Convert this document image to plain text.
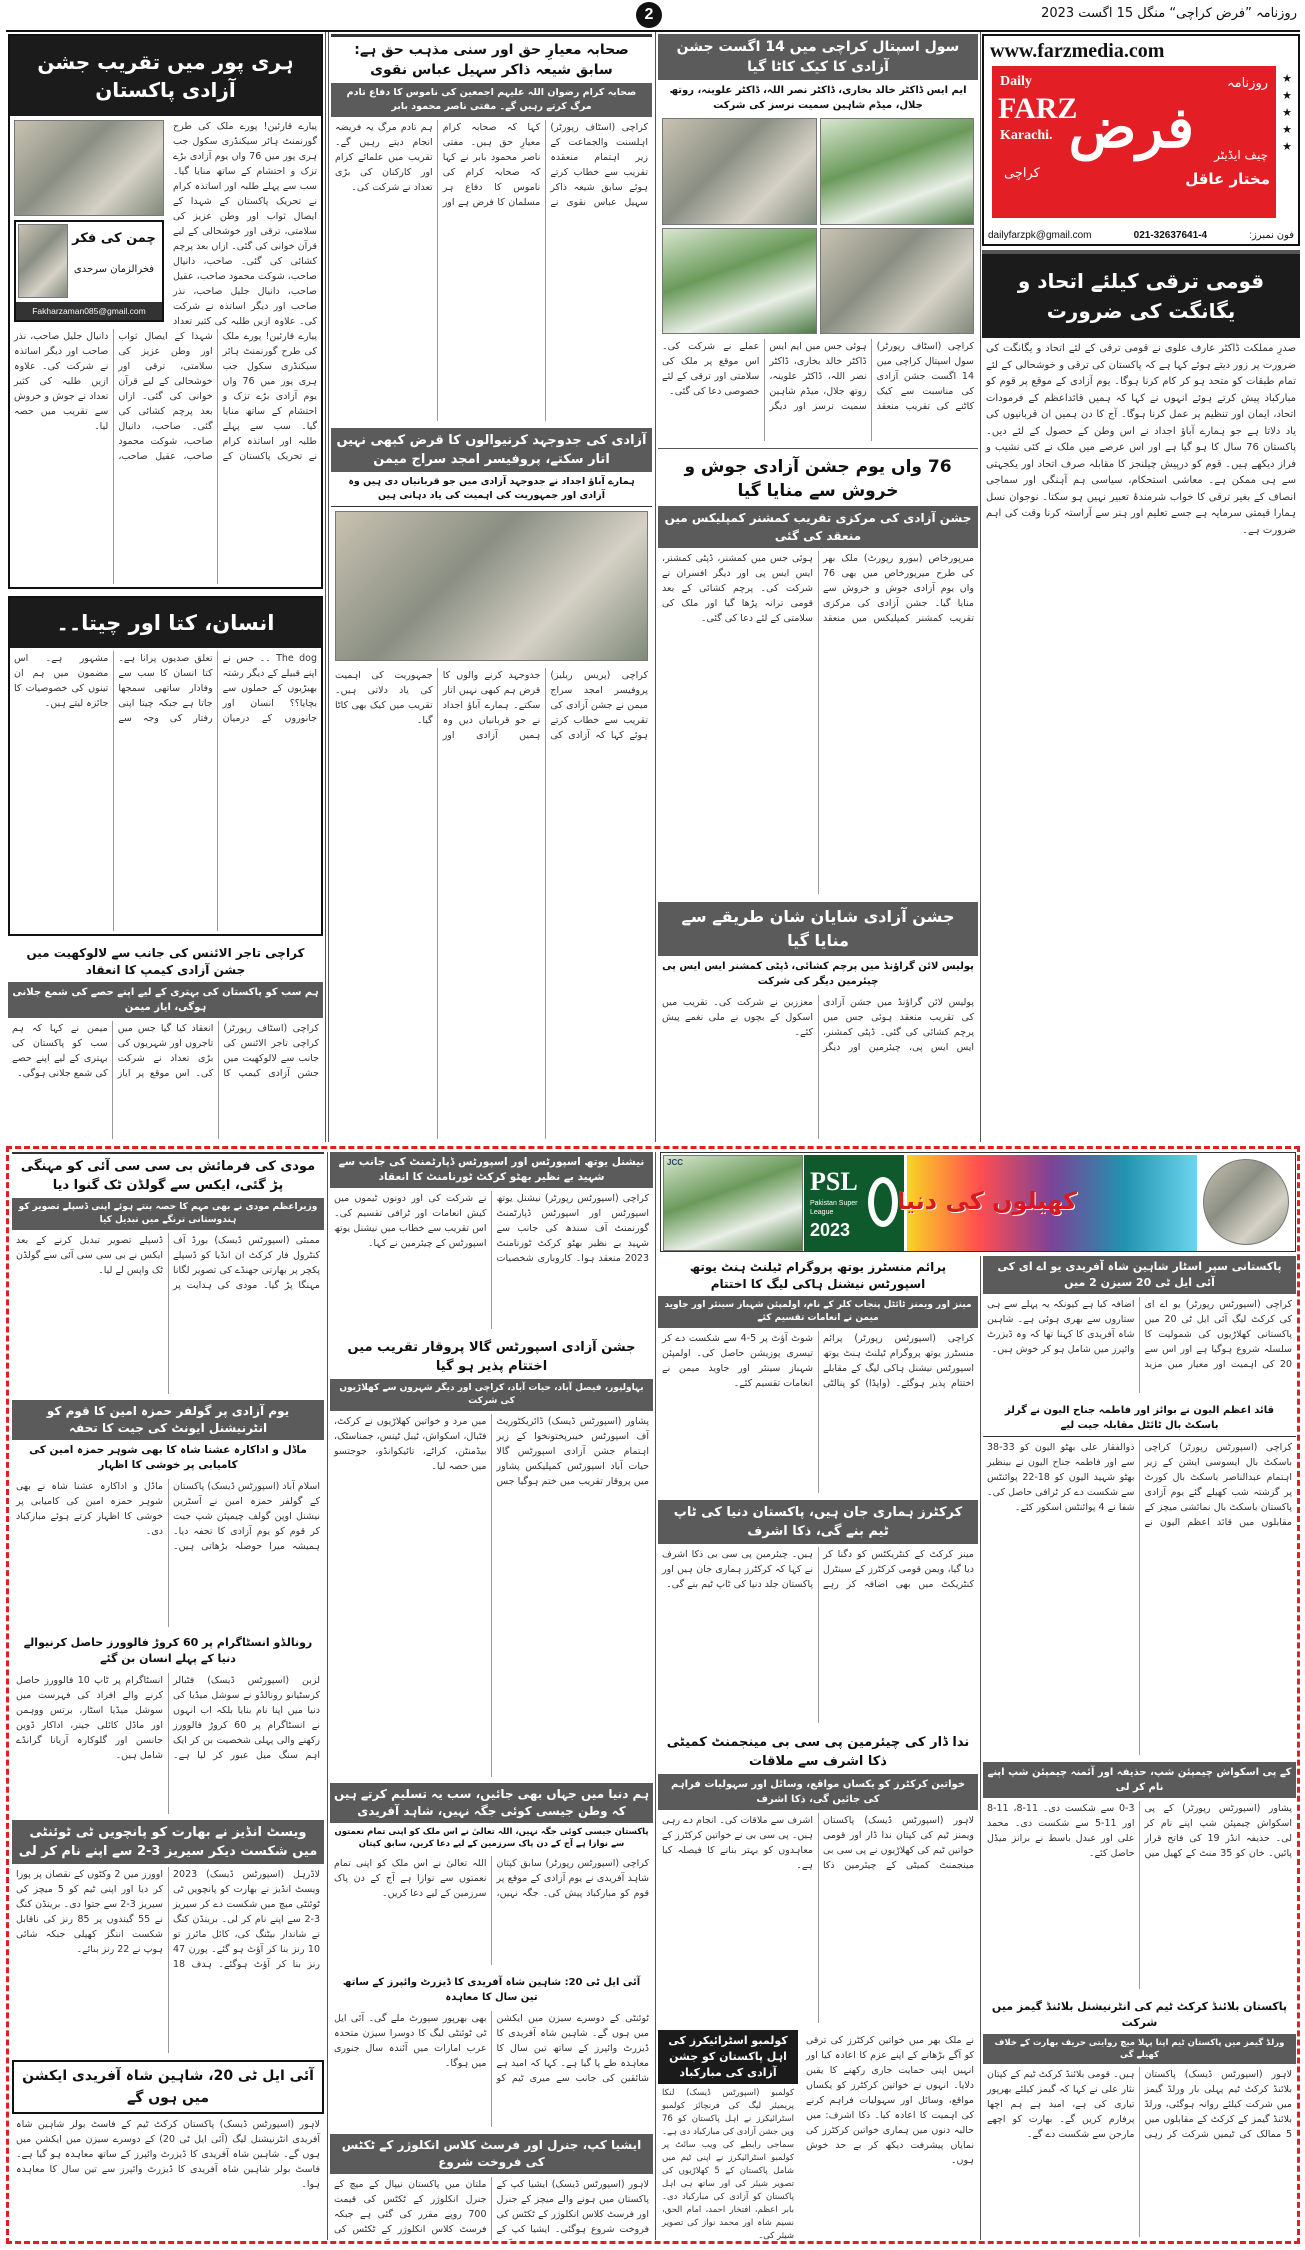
2	روزنامہ ”فرض کراچی“ منگل 15 اگست 2023
www.farzmedia.com
Daily
FARZ
Karachi.
کراچی
فرض
روزنامہ
چیف ایڈیٹر
مختار عاقل
★
★
★
★
★
dailyfarzpk@gmail.com	021-32637641-4	فون نمبرز:
قومی ترقی کیلئے اتحاد و یگانگت کی ضرورت
صدرِ مملکت ڈاکٹر عارف علوی نے قومی ترقی کے لئے اتحاد و یگانگت کی ضرورت پر زور دیتے ہوئے کہا ہے کہ پاکستان کی ترقی و خوشحالی کے لئے تمام طبقات کو متحد ہو کر کام کرنا ہوگا۔ یوم آزادی کے موقع پر قوم کو مبارکباد پیش کرتے ہوئے انہوں نے کہا کہ ہمیں قائداعظم کے فرمودات اتحاد، ایمان اور تنظیم پر عمل کرنا ہوگا۔ آج کا دن ہمیں ان قربانیوں کی یاد دلاتا ہے جو ہمارے آباؤ اجداد نے اس وطن کے حصول کے لئے دیں۔ پاکستان 76 سال کا ہو گیا ہے اور اس عرصے میں ملک نے کئی نشیب و فراز دیکھے ہیں۔ قوم کو درپیش چیلنجز کا مقابلہ صرف اتحاد اور یکجہتی سے ہی ممکن ہے۔ معاشی استحکام، سیاسی ہم آہنگی اور سماجی انصاف کے بغیر ترقی کا خواب شرمندۂ تعبیر نہیں ہو سکتا۔ نوجوان نسل ہمارا قیمتی سرمایہ ہے جسے تعلیم اور ہنر سے آراستہ کرنا وقت کی اہم ضرورت ہے۔
سول اسپتال کراچی میں 14 اگست جشن آزادی کا کیک کاٹا گیا
ایم ایس ڈاکٹر خالد بخاری، ڈاکٹر نصر اللہ، ڈاکٹر علوینہ، روتھ جلال، میڈم شاہین سمیت نرسز کی شرکت
کراچی (اسٹاف رپورٹر) سول اسپتال کراچی میں 14 اگست جشن آزادی کی مناسبت سے کیک کاٹنے کی تقریب منعقد ہوئی جس میں ایم ایس ڈاکٹر خالد بخاری، ڈاکٹر نصر اللہ، ڈاکٹر علوینہ، روتھ جلال، میڈم شاہین سمیت نرسز اور دیگر عملے نے شرکت کی۔ اس موقع پر ملک کی سلامتی اور ترقی کے لئے خصوصی دعا کی گئی۔
76 واں یوم جشن آزادی جوش و خروش سے منایا گیا
جشن آزادی کی مرکزی تقریب کمشنر کمپلیکس میں منعقد کی گئی
میرپورخاص (بیورو رپورٹ) ملک بھر کی طرح میرپورخاص میں بھی 76 واں یوم آزادی جوش و خروش سے منایا گیا۔ جشن آزادی کی مرکزی تقریب کمشنر کمپلیکس میں منعقد ہوئی جس میں کمشنر، ڈپٹی کمشنر، ایس ایس پی اور دیگر افسران نے شرکت کی۔ پرچم کشائی کے بعد قومی ترانہ پڑھا گیا اور ملک کی سلامتی کے لئے دعا کی گئی۔
جشن آزادی شایان شان طریقے سے منایا گیا
پولیس لائن گراؤنڈ میں پرچم کشائی، ڈپٹی کمشنر ایس ایس پی چیئرمین دیگر کی شرکت
پولیس لائن گراؤنڈ میں جشن آزادی کی تقریب منعقد ہوئی جس میں پرچم کشائی کی گئی۔ ڈپٹی کمشنر، ایس ایس پی، چیئرمین اور دیگر معززین نے شرکت کی۔ تقریب میں اسکول کے بچوں نے ملی نغمے پیش کئے۔
صحابہ معیارِ حق اور سنی مذہب حق ہے: سابق شیعہ ذاکر سہیل عباس نقوی
صحابہ کرام رضوان اللہ علیہم اجمعین کی ناموس کا دفاع تادم مرگ کرتے رہیں گے۔ مفتی ناصر محمود بابر
کراچی (اسٹاف رپورٹر) اہلسنت والجماعت کے زیر اہتمام منعقدہ تقریب سے خطاب کرتے ہوئے سابق شیعہ ذاکر سہیل عباس نقوی نے کہا کہ صحابہ کرام معیارِ حق ہیں۔ مفتی ناصر محمود بابر نے کہا کہ صحابہ کرام کی ناموس کا دفاع ہر مسلمان کا فرض ہے اور ہم تادم مرگ یہ فریضہ انجام دیتے رہیں گے۔ تقریب میں علمائے کرام اور کارکنان کی بڑی تعداد نے شرکت کی۔
آزادی کی جدوجہد کرنیوالوں کا قرض کبھی نہیں اتار سکتے، پروفیسر امجد سراج میمن
ہمارے آباؤ اجداد نے جدوجہد آزادی میں جو قربانیاں دی ہیں وہ آزادی اور جمہوریت کی اہمیت کی یاد دہانی ہیں
کراچی (پریس ریلیز) پروفیسر امجد سراج میمن نے جشن آزادی کی تقریب سے خطاب کرتے ہوئے کہا کہ آزادی کی جدوجہد کرنے والوں کا قرض ہم کبھی نہیں اتار سکتے۔ ہمارے آباؤ اجداد نے جو قربانیاں دیں وہ ہمیں آزادی اور جمہوریت کی اہمیت کی یاد دلاتی ہیں۔ تقریب میں کیک بھی کاٹا گیا۔
ہری پور میں تقریب جشن آزادی پاکستان
چمن کی فکر
فخرالزمان سرحدی
Fakharzaman085@gmail.com
پیارے قارئین! پورے ملک کی طرح گورنمنٹ ہائر سیکنڈری سکول جب ہری پور میں 76 واں یوم آزادی بڑے تزک و احتشام کے ساتھ منایا گیا۔ سب سے پہلے طلبہ اور اساتذہ کرام نے تحریک پاکستان کے شہدا کے ایصال ثواب اور وطن عزیز کی سلامتی، ترقی اور خوشحالی کے لیے قرآن خوانی کی گئی۔ ازاں بعد پرچم کشائی کی گئی۔ صاحب، دانیال صاحب، شوکت محمود صاحب، عقیل صاحب، دانیال جلیل صاحب، نذر صاحب اور دیگر اساتذہ نے شرکت کی۔ علاوہ ازیں طلبہ کی کثیر تعداد
پیارے قارئین! پورے ملک کی طرح گورنمنٹ ہائر سیکنڈری سکول جب ہری پور میں 76 واں یوم آزادی بڑے تزک و احتشام کے ساتھ منایا گیا۔ سب سے پہلے طلبہ اور اساتذہ کرام نے تحریک پاکستان کے شہدا کے ایصال ثواب اور وطن عزیز کی سلامتی، ترقی اور خوشحالی کے لیے قرآن خوانی کی گئی۔ ازاں بعد پرچم کشائی کی گئی۔ صاحب، دانیال صاحب، شوکت محمود صاحب، عقیل صاحب، دانیال جلیل صاحب، نذر صاحب اور دیگر اساتذہ نے شرکت کی۔ علاوہ ازیں طلبہ کی کثیر تعداد نے جوش و خروش سے تقریب میں حصہ لیا۔
انسان، کتا اور چیتا۔۔
The dog ۔۔ جس نے اپنے قبیلے کے دیگر رشتہ بھیڑیوں کے حملوں سے بچایا؟؟ انسان اور جانوروں کے درمیان تعلق صدیوں پرانا ہے۔ کتا انسان کا سب سے وفادار ساتھی سمجھا جاتا ہے جبکہ چیتا اپنی رفتار کی وجہ سے مشہور ہے۔ اس مضمون میں ہم ان تینوں کی خصوصیات کا جائزہ لیتے ہیں۔
کراچی تاجر الائنس کی جانب سے لالوکھیت میں جشن آزادی کیمپ کا انعقاد
ہم سب کو پاکستان کی بہتری کے لیے اپنے حصے کی شمع جلانی ہوگی، ایاز میمن
کراچی (اسٹاف رپورٹر) کراچی تاجر الائنس کی جانب سے لالوکھیت میں جشن آزادی کیمپ کا انعقاد کیا گیا جس میں تاجروں اور شہریوں کی بڑی تعداد نے شرکت کی۔ اس موقع پر ایاز میمن نے کہا کہ ہم سب کو پاکستان کی بہتری کے لیے اپنے حصے کی شمع جلانی ہوگی۔
JCC
PSL
Pakistan Super League
2023
کھیلوں کی دنیا
مودی کی فرمائش بی سی سی آئی کو مہنگی پڑ گئی، ایکس سے گولڈن ٹک گنوا دیا
وزیراعظم مودی نے بھی مہم کا حصہ بنتے ہوئے اپنی ڈسپلے تصویر کو ہندوستانی ترنگے میں تبدیل کیا
ممبئی (اسپورٹس ڈیسک) بورڈ آف کنٹرول فار کرکٹ ان انڈیا کو ڈسپلے پکچر پر بھارتی جھنڈے کی تصویر لگانا مہنگا پڑ گیا۔ مودی کی ہدایت پر ڈسپلے تصویر تبدیل کرنے کے بعد ایکس نے بی سی سی آئی سے گولڈن ٹک واپس لے لیا۔
نیشنل یوتھ اسپورٹس اور اسپورٹس ڈپارٹمنٹ کی جانب سے شہید بے نظیر بھٹو کرکٹ ٹورنامنٹ کا انعقاد
کراچی (اسپورٹس رپورٹر) نیشنل یوتھ اسپورٹس اور اسپورٹس ڈپارٹمنٹ گورنمنٹ آف سندھ کی جانب سے شہید بے نظیر بھٹو کرکٹ ٹورنامنٹ 2023 منعقد ہوا۔ کاروباری شخصیات نے شرکت کی اور دونوں ٹیموں میں کیش انعامات اور ٹرافی تقسیم کی۔ اس تقریب سے خطاب میں نیشنل یوتھ اسپورٹس کے چیئرمین نے کہا۔
جشن آزادی اسپورٹس گالا پروقار تقریب میں اختتام پذیر ہو گیا
بہاولپور، فیصل آباد، حیات آباد، کراچی اور دیگر شہروں سے کھلاڑیوں کی شرکت
پشاور (اسپورٹس ڈیسک) ڈائریکٹوریٹ آف اسپورٹس خیبرپختونخوا کے زیر اہتمام جشن آزادی اسپورٹس گالا حیات آباد اسپورٹس کمپلیکس پشاور میں پروقار تقریب میں ختم ہوگیا جس میں مرد و خواتین کھلاڑیوں نے کرکٹ، فٹبال، اسکواش، ٹیبل ٹینس، جمناسٹک، بیڈمنٹن، کراٹے، تائیکوانڈو، جوجتسو میں حصہ لیا۔
یوم آزادی پر گولفر حمزہ امین کا قوم کو انٹرنیشنل ایونٹ کی جیت کا تحفہ
ماڈل و اداکارہ عشنا شاہ کا بھی شوہر حمزہ امین کی کامیابی پر خوشی کا اظہار
اسلام آباد (اسپورٹس ڈیسک) پاکستان کے گولفر حمزہ امین نے آسٹرین نیشنل اوپن گولف چیمپئن شپ جیت کر قوم کو یوم آزادی کا تحفہ دیا۔ ہمیشہ میرا حوصلہ بڑھاتی ہیں۔ ماڈل و اداکارہ عشنا شاہ نے بھی شوہر حمزہ امین کی کامیابی پر خوشی کا اظہار کرتے ہوئے مبارکباد دی۔
رونالڈو انسٹاگرام پر 60 کروڑ فالوورز حاصل کرنیوالے دنیا کے پہلے انسان بن گئے
لزبن (اسپورٹس ڈیسک) فٹبالر کرسٹیانو رونالڈو نے سوشل میڈیا کی دنیا میں اپنا نام بنایا بلکہ اب انہوں نے انسٹاگرام پر 60 کروڑ فالوورز رکھنے والی پہلی شخصیت بن کر ایک اہم سنگ میل عبور کر لیا ہے۔ انسٹاگرام پر ٹاپ 10 فالوورز حاصل کرنے والے افراد کی فہرست میں سوشل میڈیا اسٹار، برتس ووہمن اور ماڈل کائلی جینر، اداکار ڈوین جانسن اور گلوکارہ آریانا گرانڈے شامل ہیں۔
ویسٹ انڈیز نے بھارت کو پانچویں ٹی ٹوئنٹی میں شکست دیکر سیریز 3-2 سے اپنے نام کر لی
لاڈرہل (اسپورٹس ڈیسک) 2023 ویسٹ انڈیز نے بھارت کو پانچویں ٹی ٹوئنٹی میچ میں شکست دے کر سیریز 3-2 سے اپنے نام کر لی۔ برینڈن کنگ نے شاندار بیٹنگ کی، کائل مائرز تو 10 رنز بنا کر آؤٹ ہو گئے۔ پورن 47 رنز بنا کر آؤٹ ہوگئے۔ ہدف 18 اوورز میں 2 وکٹوں کے نقصان پر پورا کر دیا اور اپنی ٹیم کو 5 میچز کی سیریز 3-2 سے جتوا دی۔ برینڈن کنگ نے 55 گیندوں پر 85 رنز کی ناقابل شکست اننگز کھیلی جبکہ شائی ہوپ نے 22 رنز بنائے۔
آئی ایل ٹی 20، شاہین شاہ آفریدی ایکشن میں ہوں گے
لاہور (اسپورٹس ڈیسک) پاکستان کرکٹ ٹیم کے فاسٹ بولر شاہین شاہ آفریدی انٹرنیشنل لیگ (آئی ایل ٹی 20) کے دوسرے سیزن میں ایکشن میں ہوں گے۔ شاہین شاہ آفریدی کا ڈیزرٹ وائپرز کے ساتھ معاہدہ ہو گیا ہے۔ فاسٹ بولر شاہین شاہ آفریدی کا ڈیزرٹ وائپرز سے تین سال کا معاہدہ ہوا۔
پاکستانی سپر اسٹار شاہین شاہ آفریدی یو اے ای کی آئی ایل ٹی 20 سیزن 2 میں
کراچی (اسپورٹس رپورٹر) یو اے ای کی کرکٹ لیگ آئی ایل ٹی 20 میں پاکستانی کھلاڑیوں کی شمولیت کا سلسلہ شروع ہوگیا ہے اور اس سے 20 کی اہمیت اور معیار میں مزید اضافہ کیا ہے کیونکہ یہ پہلے سے ہی ستاروں سے بھری ہوئی ہے۔ شاہین شاہ آفریدی کا کہنا تھا کہ وہ ڈیزرٹ وائپرز میں شامل ہو کر خوش ہیں۔
پرائم منسٹرز یوتھ پروگرام ٹیلنٹ ہنٹ یوتھ اسپورٹس نیشنل ہاکی لیگ کا اختتام
مینز اور ویمنز ٹائٹل پنجاب کلر کے نام، اولمپئن شہباز سینئر اور جاوید میمن نے انعامات تقسیم کئے
کراچی (اسپورٹس رپورٹر) پرائم منسٹرز یوتھ پروگرام ٹیلنٹ ہنٹ یوتھ اسپورٹس نیشنل ہاکی لیگ کے مقابلے اختتام پذیر ہوگئے۔ (واپڈا) کو پنالٹی شوٹ آؤٹ پر 5-4 سے شکست دے کر تیسری پوزیشن حاصل کی۔ اولمپئن شہباز سینئر اور جاوید میمن نے انعامات تقسیم کئے۔
قائد اعظم الیون نے بوائز اور فاطمہ جناح الیون نے گرلز باسکٹ بال ٹائٹل مقابلہ جیت لیے
کراچی (اسپورٹس رپورٹر) کراچی باسکٹ بال ایسوسی ایشن کے زیر اہتمام عبدالناصر باسکٹ بال کورٹ پر گزشتہ شب کھیلے گئے یوم آزادی پاکستان باسکٹ بال نمائشی میچز کے مقابلوں میں قائد اعظم الیون نے ذوالفقار علی بھٹو الیون کو 33-38 سے اور فاطمہ جناح الیون نے بینظیر بھٹو شہید الیون کو 18-22 پوائنٹس سے شکست دے کر ٹرافی حاصل کی۔ شفا نے 4 پوائنٹس اسکور کئے۔
کرکٹرز ہماری جان ہیں، پاکستان دنیا کی ٹاپ ٹیم بنے گی، ذکا اشرف
مینز کرکٹ کے کنٹریکٹس کو دگنا کر دیا گیا، ویمن قومی کرکٹرز کے سینٹرل کنٹریکٹ میں بھی اضافہ کر رہے ہیں۔ چیئرمین پی سی بی ذکا اشرف نے کہا کہ کرکٹرز ہماری جان ہیں اور پاکستان جلد دنیا کی ٹاپ ٹیم بنے گی۔
کے پی اسکواش چیمپئن شپ، حذیفہ اور آئمنہ چیمپئن شپ اپنے نام کر لی
پشاور (اسپورٹس رپورٹر) کے پی اسکواش چیمپئن شپ اپنے نام کر لی۔ حذیفہ انڈر 19 کی فاتح قرار پائیں۔ خان کو 35 منٹ کے کھیل میں 3-0 سے شکست دی۔ 11-8، 11-8 اور 11-5 سے شکست دی۔ محمد علی اور عبدل باسط نے برانز میڈل حاصل کئے۔
ندا ڈار کی چیئرمین پی سی بی مینجمنٹ کمیٹی ذکا اشرف سے ملاقات
خواتین کرکٹرز کو یکساں مواقع، وسائل اور سہولیات فراہم کی جائیں گی، ذکا اشرف
لاہور (اسپورٹس ڈیسک) پاکستان ویمنز ٹیم کی کپتان ندا ڈار اور قومی خواتین ٹیم کی کھلاڑیوں نے پی سی بی مینجمنٹ کمیٹی کے چیئرمین ذکا اشرف سے ملاقات کی۔ انجام دے رہی ہیں۔ پی سی بی نے خواتین کرکٹرز کے معاہدوں کو بہتر بنانے کا فیصلہ کیا ہے۔
ہم دنیا میں جہاں بھی جائیں، سب یہ تسلیم کرتے ہیں کہ وطن جیسی کوئی جگہ نہیں، شاہد آفریدی
پاکستان جیسی کوئی جگہ نہیں، اللہ تعالیٰ نے اس ملک کو اپنی تمام نعمتوں سے نوازا ہے آج کے دن پاک سرزمین کے لیے دعا کریں، سابق کپتان
کراچی (اسپورٹس رپورٹر) سابق کپتان شاہد آفریدی نے یوم آزادی کے موقع پر قوم کو مبارکباد پیش کی۔ جگہ نہیں، اللہ تعالیٰ نے اس ملک کو اپنی تمام نعمتوں سے نوازا ہے آج کے دن پاک سرزمین کے لیے دعا کریں۔
آئی ایل ٹی 20: شاہین شاہ آفریدی کا ڈیزرٹ وائپرز کے ساتھ تین سال کا معاہدہ
ٹوئنٹی کے دوسرے سیزن میں ایکشن میں ہوں گے۔ شاہین شاہ آفریدی کا ڈیزرٹ وائپرز کے ساتھ تین سال کا معاہدہ طے پا گیا ہے۔ کہا کہ امید ہے شائقین کی جانب سے میری ٹیم کو بھی بھرپور سپورٹ ملے گی۔ آئی ایل ٹی ٹوئنٹی لیگ کا دوسرا سیزن متحدہ عرب امارات میں آئندہ سال جنوری میں ہوگا۔
ایشیا کپ، جنرل اور فرسٹ کلاس انکلوژر کے ٹکٹس کی فروخت شروع
لاہور (اسپورٹس ڈیسک) ایشیا کپ کے پاکستان میں ہونے والے میچز کے جنرل اور فرسٹ کلاس انکلوژر کے ٹکٹس کی فروخت شروع ہوگئی۔ ایشیا کپ کے ملتان میں پاکستان نیپال کے میچ کے جنرل انکلوژر کے ٹکٹس کی قیمت 700 روپے مقرر کی گئی ہے جبکہ فرسٹ کلاس انکلوژر کے ٹکٹس کی
کولمبو اسٹرائیکرز کی اہل پاکستان کو جشن آزادی کی مبارکباد
کولمبو (اسپورٹس ڈیسک) لنکا پریمیئر لیگ کی فرنچائز کولمبو اسٹرائیکرز نے اہل پاکستان کو 76 ویں جشن آزادی کی مبارکباد دی ہے۔ سماجی رابطے کی ویب سائٹ پر کولمبو اسٹرائیکرز نے اپنی ٹیم میں شامل پاکستان کے 5 کھلاڑیوں کی تصویر شیئر کی اور ساتھ ہی اہل پاکستان کو آزادی کی مبارکباد دی۔ بابر اعظم، افتخار احمد، امام الحق، نسیم شاہ اور محمد نواز کی تصویر شیئر کی۔
نے ملک بھر میں خواتین کرکٹرز کی ترقی کو آگے بڑھانے کے اپنے عزم کا اعادہ کیا اور انہیں اپنی حمایت جاری رکھنے کا یقین دلایا۔ انہوں نے خواتین کرکٹرز کو یکساں مواقع، وسائل اور سہولیات فراہم کرنے کی اہمیت کا اعادہ کیا۔ ذکا اشرف: میں حالیہ دنوں میں ہماری خواتین کرکٹرز کی نمایاں پیشرفت دیکھ کر بے حد خوش ہوں۔
پاکستان بلائنڈ کرکٹ ٹیم کی انٹرنیشنل بلائنڈ گیمز میں شرکت
ورلڈ گیمز میں پاکستان ٹیم اپنا پہلا میچ روایتی حریف بھارت کے خلاف کھیلے گی
لاہور (اسپورٹس ڈیسک) پاکستان بلائنڈ کرکٹ ٹیم پہلی بار ورلڈ گیمز میں شرکت کیلئے روانہ ہوگئی، ورلڈ بلائنڈ گیمز کے کرکٹ کے مقابلوں میں 5 ممالک کی ٹیمیں شرکت کر رہی ہیں۔ قومی بلائنڈ کرکٹ ٹیم کے کپتان نثار علی نے کہا کہ گیمز کیلئے بھرپور تیاری کی ہے، امید ہے ہم اچھا پرفارم کریں گے۔ بھارت کو اچھے مارجن سے شکست دے گے۔
